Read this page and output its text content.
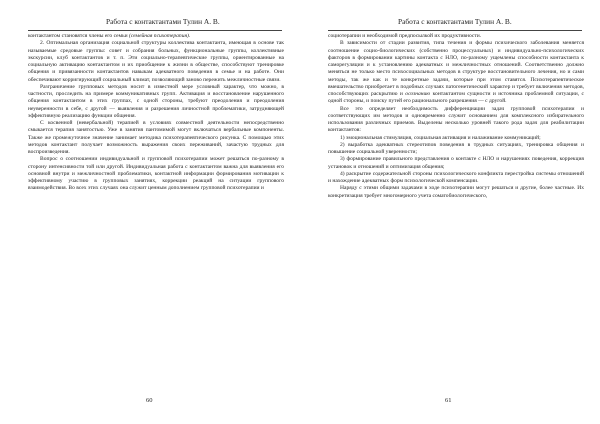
Работа с контактантами Тулин А. В.

контактантом становятся члены его семьи (семейная психотерапия).

2. Оптимальная организация социальной структуры коллектива контактанта, имеющая в основе так называемые средовые группы: совет и собрания больных, функциональные группы, коллективные экскурсии, клуб контактантов и т. п. Эти социально-терапевтические группы, ориентированные на социальную активацию контактантом и их приобщение к жизни в обществе, способствуют тренировке общения и привязанности контактантов навыкам адекватного поведения в семье и на работе. Они обеспечивают корригирующий социальный климат, позволяющий заново пережить межличностные связи.

Разграничение групповых методов носит в известной мере условный характер, что можно, в частности, проследить на примере коммуникативных групп. Активация и восстановление нарушенного общения контактантом в этих группах, с одной стороны, требуют преодоления и преодоления неуверенности в себе, с другой — выявления и разрешения личностной проблематики, затрудняющей эффективную реализацию функции общения.

С косвенной (невербальной) терапией в условиях совместной деятельности непосредственно смыкается терапия занятостью. Уже в занятия пантомимой могут включаться вербальные компоненты. Также же промежуточное значение занимает методика психотерапевтического рисунка. С помощью этих методов контактант получает возможность выражения своих переживаний, зачастую трудных для воспроизведения.

Вопрос о соотношении индивидуальной и групповой психотерапии может решаться по-разному в сторону интенсивности той или другой. Индивидуальная работа с контактантом важна для выявления его основной внутри и межличностной проблематики, контактной информации формирования мотивации к эффективному участию в групповых занятиях, коррекции реакций на ситуации группового взаимодействия. Во всех этих случаях она служит ценным дополнением групповой психотерапии и

60
Работа с контактантами Тулин А. В.

социотерапии и необходимой предпосылкой их продуктивности.

В зависимости от стадии развития, типа течения и формы психического заболевания меняется соотношение социо-биологических (собственно процессуальных) и индивидуально-психологических факторов в формировании картины контакта с НЛО, по-разному ущемлены способности контактанта к саморегуляции и к установлению адекватных и межличностных отношений. Соответственно должно меняться не только место психосоциальных методов в структуре восстановительного лечения, но и сами методы, так же как и те конкретные задачи, которые при этом ставятся. Психотерапевтическое вмешательство приобретает в подобных случаях патогенетический характер и требует включения методов, способствующих раскрытию и осознанию контактантом сущности и источника проблемной ситуации, с одной стороны, и поиску путей его рационального разрешения — с другой.

Все это определяет необходимость дифференциации задач групповой психотерапии и соответствующих им методов и одновременно служит основанием для комплексного избирательного использования различных приемов. Выделены несколько уровней такого рода задач для реабилитации контактантов:

1) эмоциональная стимуляция, социальная активация и налаживание коммуникаций;

2) выработка адекватных стереотипов поведения в трудных ситуациях, тренировка общения и повышение социальной уверенности;

3) формирование правильного представления о контакте с НЛО и нарушениях поведения, коррекция установок и отношений и оптимизация общения;

4) раскрытие содержательной стороны психологического конфликта перестройка системы отношений и нахождение адекватных форм психологической компенсации.

Наряду с этими общими задачами в ходе психотерапии могут решаться и другие, более частные. Их конкретизация требует многомерного учета соматобиологического,

61
